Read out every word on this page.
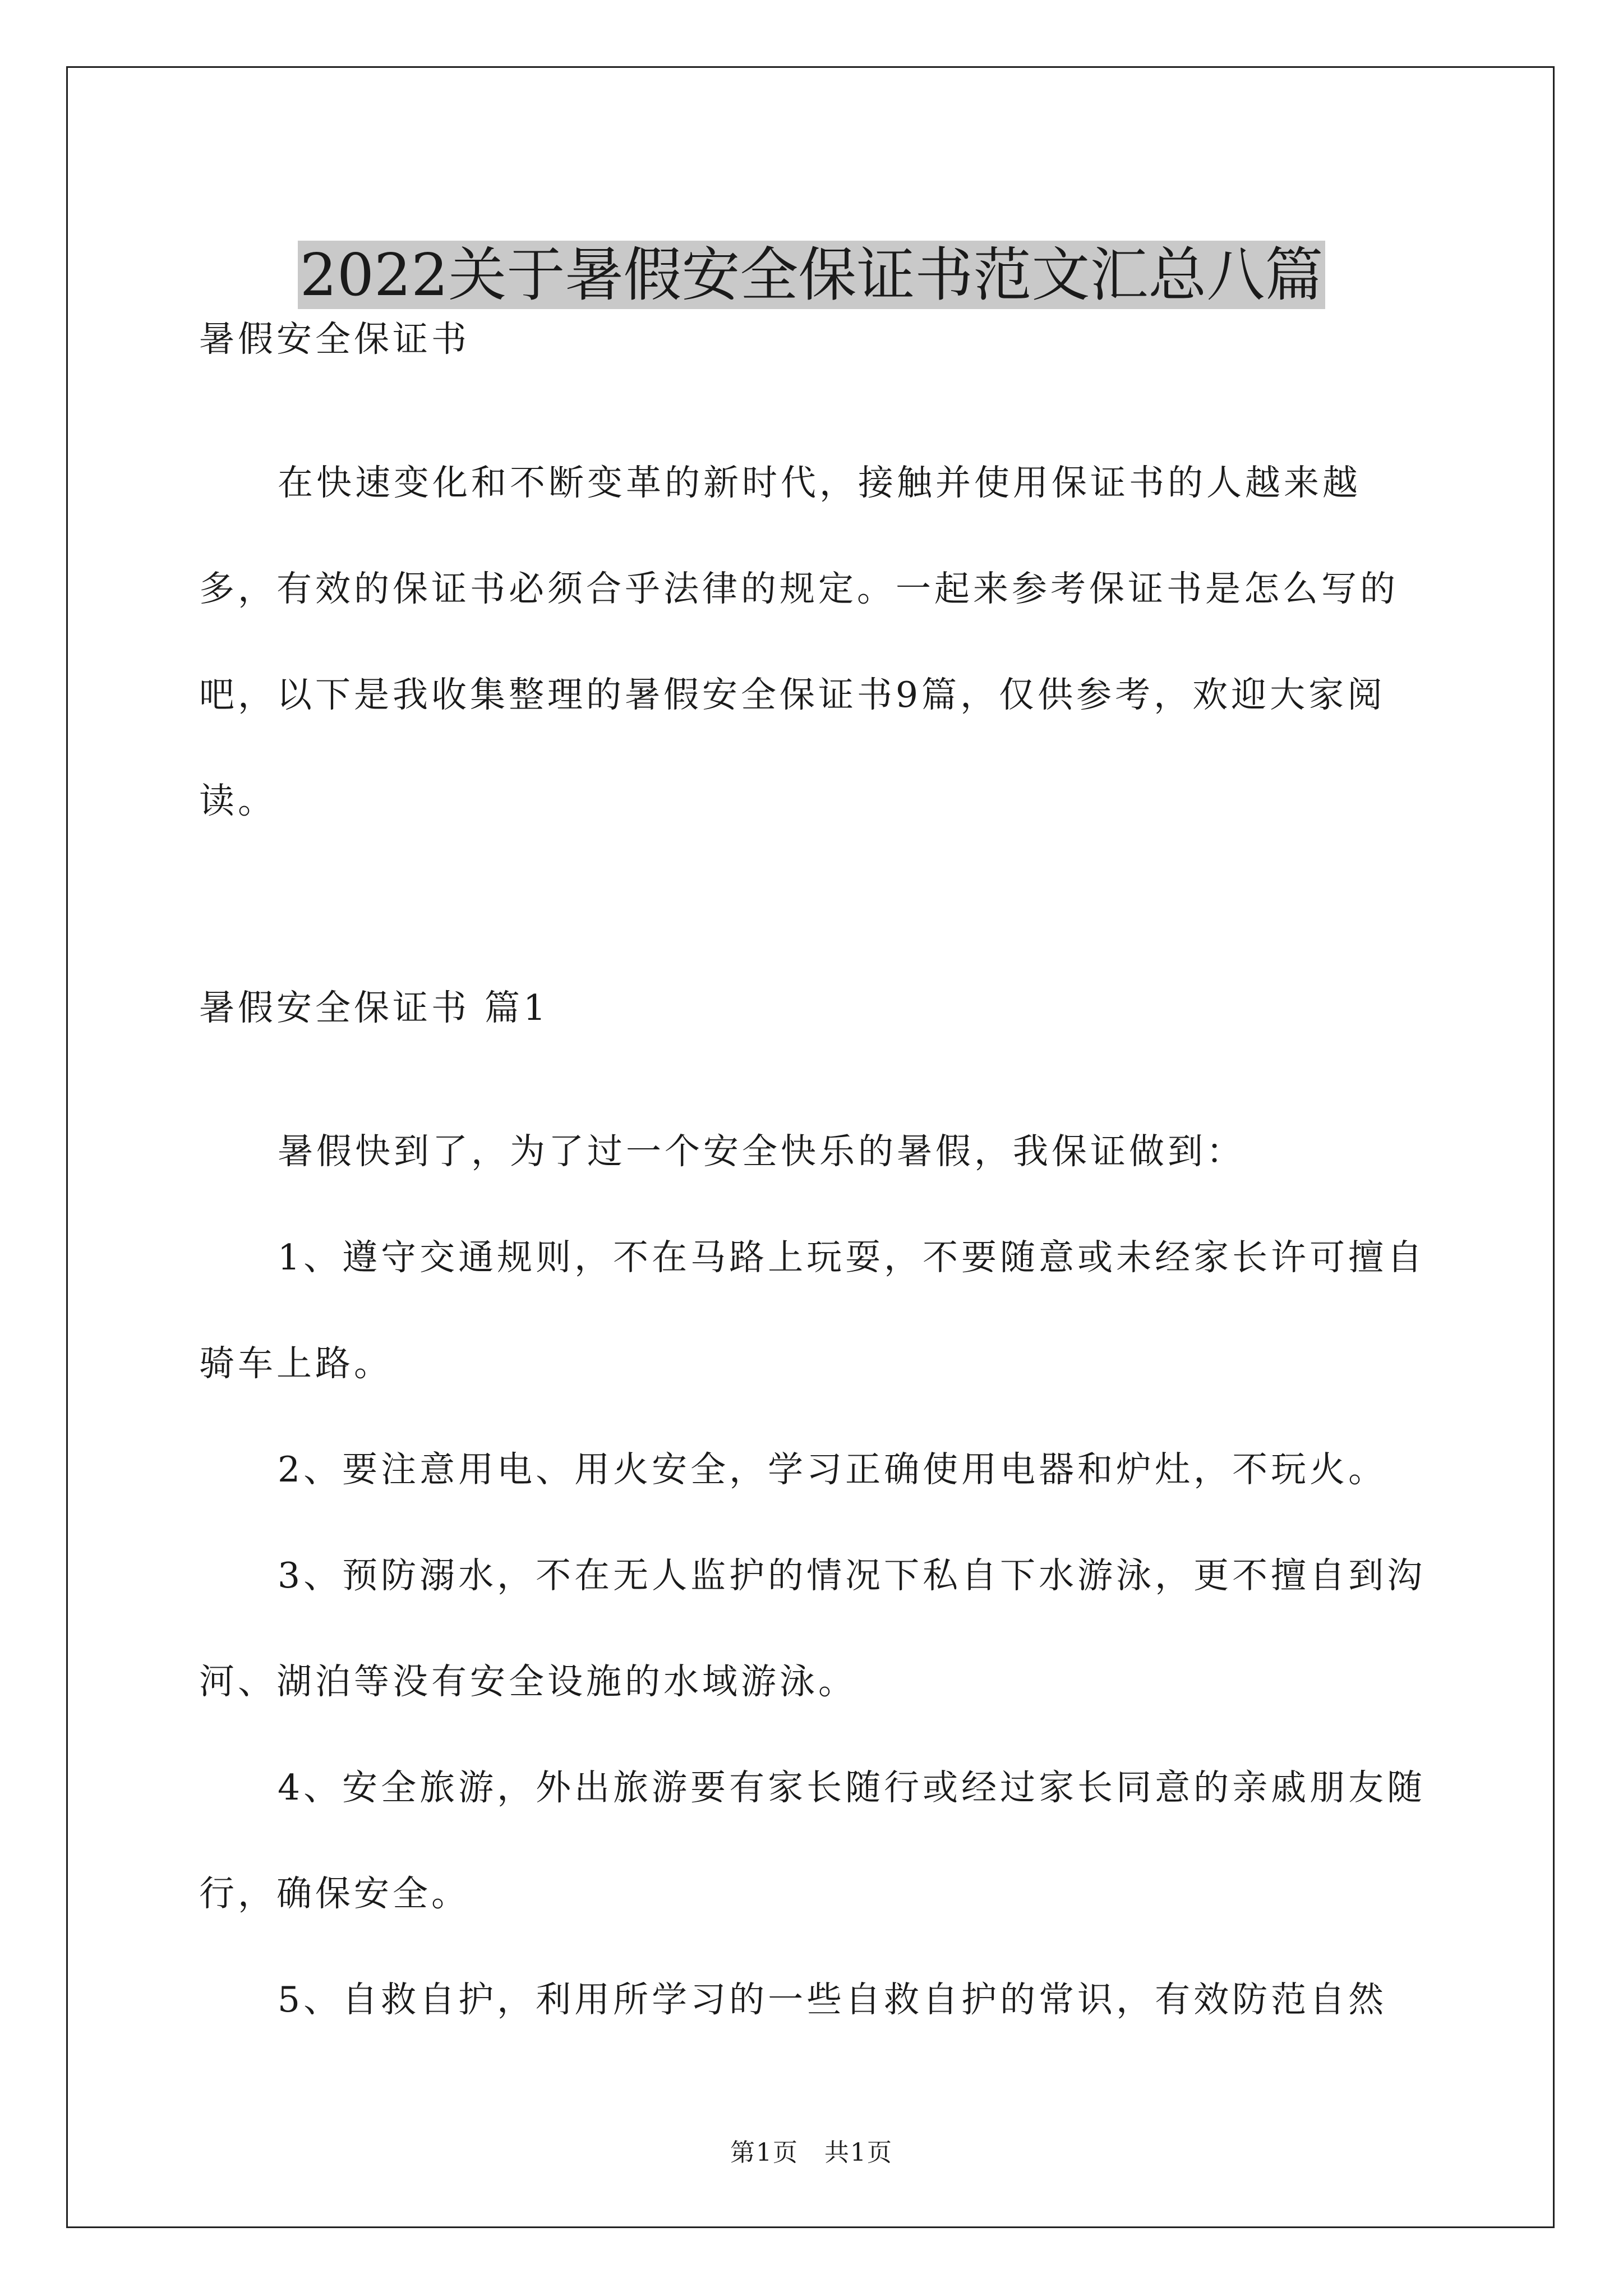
2022关于暑假安全保证书范文汇总八篇
暑假安全保证书

在快速变化和不断变革的新时代，接触并使用保证书的人越来越多，有效的保证书必须合乎法律的规定。一起来参考保证书是怎么写的吧，以下是我收集整理的暑假安全保证书9篇，仅供参考，欢迎大家阅读。

暑假安全保证书 篇1

暑假快到了，为了过一个安全快乐的暑假，我保证做到：

1、遵守交通规则，不在马路上玩耍，不要随意或未经家长许可擅自骑车上路。

2、要注意用电、用火安全，学习正确使用电器和炉灶，不玩火。

3、预防溺水，不在无人监护的情况下私自下水游泳，更不擅自到沟河、湖泊等没有安全设施的水域游泳。

4、安全旅游，外出旅游要有家长随行或经过家长同意的亲戚朋友随行，确保安全。

5、自救自护，利用所学习的一些自救自护的常识，有效防范自然

第1页　共1页
